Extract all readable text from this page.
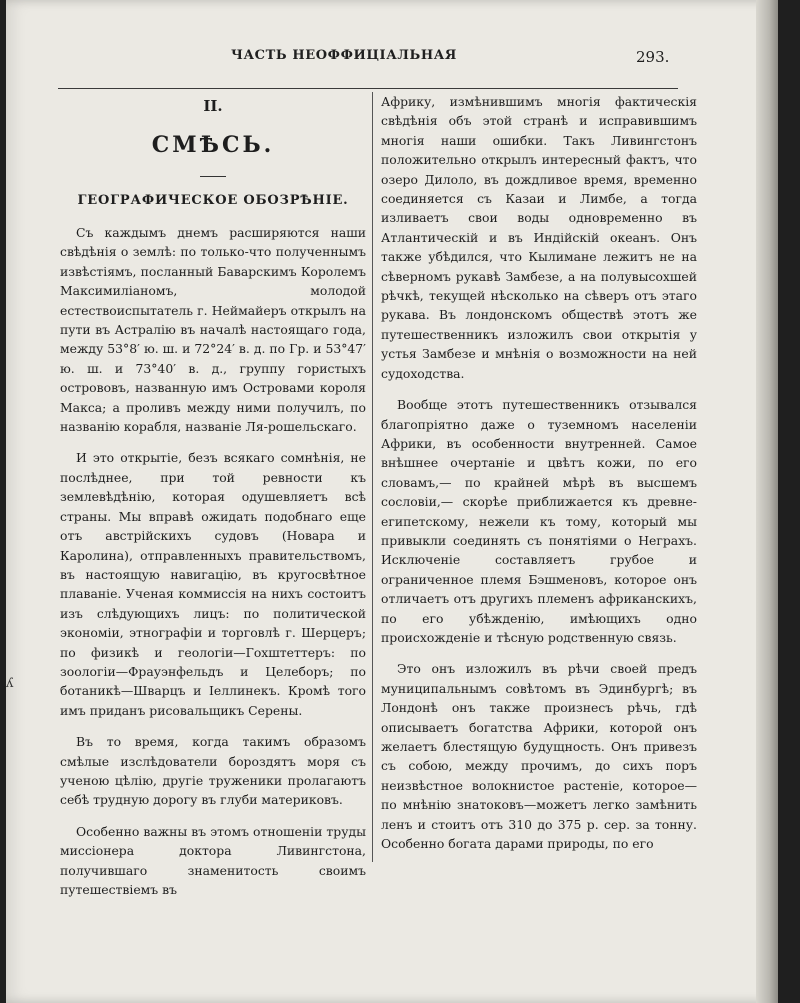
ЧАСТЬ НЕОФФИЦІАЛЬНАЯ	293.
ʎ
II.
СМѢСЬ.
ГЕОГРАФИЧЕСКОЕ ОБОЗРѢНІЕ.

Съ каждымъ днемъ расширяются наши свѣдѣнія о землѣ: по только-что полученнымъ извѣстіямъ, посланный Баварскимъ Королемъ Максимиліаномъ, молодой естествоиспытатель г. Неймайеръ открылъ на пути въ Астралію въ началѣ настоящаго года, между 53°8′ ю. ш. и 72°24′ в. д. по Гр. и 53°47′ ю. ш. и 73°40′ в. д., группу гористыхъ острововъ, названную имъ Островами короля Макса; а проливъ между ними получилъ, по названію корабля, названіе Ля-рошельскаго.

И это открытіе, безъ всякаго сомнѣнія, не послѣднее, при той ревности къ землевѣдѣнію, которая одушевляетъ всѣ страны. Мы вправѣ ожидать подобнаго еще отъ австрійскихъ судовъ (Новара и Каролина), отправленныхъ правительствомъ, въ настоящую навигацію, въ кругосвѣтное плаваніе. Ученая коммиссія на нихъ состоитъ изъ слѣдующихъ лицъ: по политической экономіи, этнографіи и торговлѣ г. Шерцеръ; по физикѣ и геологіи—Гохштеттеръ: по зоологіи—Фрауэнфельдъ и Целеборъ; по ботаникѣ—Шварцъ и Іеллинекъ. Кромѣ того имъ приданъ рисовальщикъ Серены.

Въ то время, когда такимъ образомъ смѣлые изслѣдователи бороздятъ моря съ ученою цѣлію, другіе труженики пролагаютъ себѣ трудную дорогу въ глуби материковъ.

Особенно важны въ этомъ отношеніи труды миссіонера доктора Ливингстона, получившаго знаменитость своимъ путешествіемъ въ

Африку, измѣнившимъ многія фактическія свѣдѣнія объ этой странѣ и исправившимъ многія наши ошибки. Такъ Ливингстонъ положительно открылъ интересный фактъ, что озеро Дилоло, въ дождливое время, временно соединяется съ Казаи и Лимбе, а тогда изливаетъ свои воды одновременно въ Атлантическій и въ Индійскій океанъ. Онъ также убѣдился, что Кылимане лежитъ не на сѣверномъ рукавѣ Замбезе, а на полувысохшей рѣчкѣ, текущей нѣсколько на сѣверъ отъ этаго рукава. Въ лондонскомъ обществѣ этотъ же путешественникъ изложилъ свои открытія у устья Замбезе и мнѣнія о возможности на ней судоходства.

Вообще этотъ путешественникъ отзывался благопріятно даже о туземномъ населеніи Африки, въ особенности внутренней. Самое внѣшнее очертаніе и цвѣтъ кожи, по его словамъ,— по крайней мѣрѣ въ высшемъ сословіи,— скорѣе приближается къ древне-египетскому, нежели къ тому, который мы привыкли соединять съ понятіями о Неграхъ. Исключеніе составляетъ грубое и ограниченное племя Бэшменовъ, которое онъ отличаетъ отъ другихъ племенъ африканскихъ, по его убѣжденію, имѣющихъ одно происхожденіе и тѣсную родственную связь.

Это онъ изложилъ въ рѣчи своей предъ муниципальнымъ совѣтомъ въ Эдинбургѣ; въ Лондонѣ онъ также произнесъ рѣчь, гдѣ описываетъ богатства Африки, которой онъ желаетъ блестящую будущность. Онъ привезъ съ собою, между прочимъ, до сихъ поръ неизвѣстное волокнистое растеніе, которое—по мнѣнію знатоковъ—можетъ легко замѣнить ленъ и стоитъ отъ 310 до 375 р. сер. за тонну. Особенно богата дарами природы, по его
